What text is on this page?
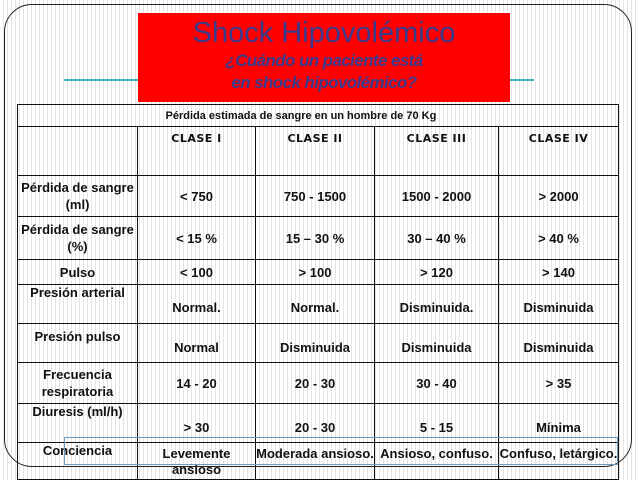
Shock Hipovolémico
¿Cuándo un paciente está
en shock hipovolémico?
	Pérdida estimada de sangre en un hombre de 70 Kg			
	CLASE I	CLASE II	CLASE III	CLASE IV
Pérdida de sangre (ml)	< 750	750 - 1500	1500 - 2000	> 2000
Pérdida de sangre (%)	< 15 %	15 – 30 %	30 – 40 %	> 40 %
Pulso	< 100	> 100	> 120	> 140
Presión arterial	Normal.	Normal.	Disminuida.	Disminuida
Presión pulso	Normal	Disminuida	Disminuida	Disminuida
Frecuencia respiratoria	14 - 20	20 - 30	30 - 40	> 35
Diuresis (ml/h)	> 30	20 - 30	5 - 15	Mínima
Conciencia	Levemente ansioso	Moderada ansioso.	Ansioso, confuso.	Confuso, letárgico.
